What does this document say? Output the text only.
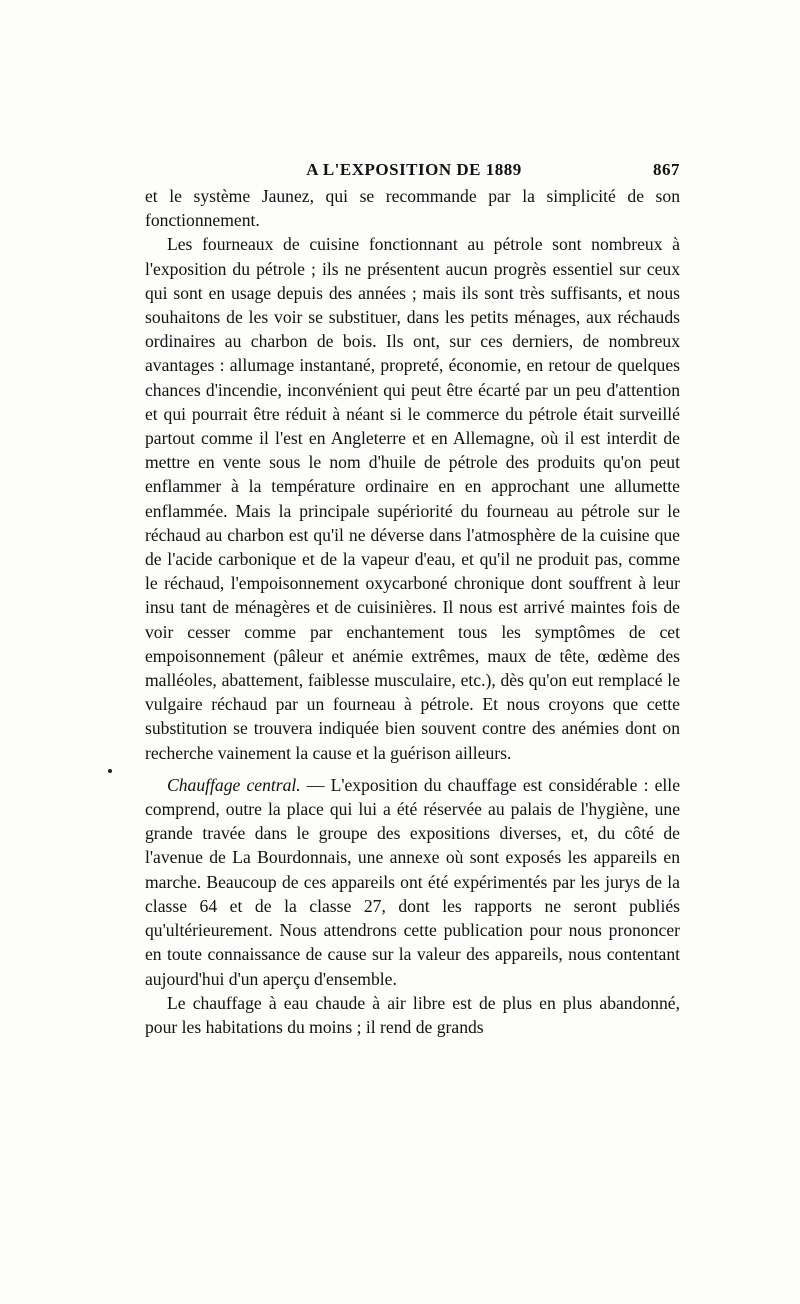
A L'EXPOSITION DE 1889	867

et le système Jaunez, qui se recommande par la simplicité de son fonctionnement.

Les fourneaux de cuisine fonctionnant au pétrole sont nombreux à l'exposition du pétrole ; ils ne présentent aucun progrès essentiel sur ceux qui sont en usage depuis des années ; mais ils sont très suffisants, et nous souhaitons de les voir se substituer, dans les petits ménages, aux réchauds ordinaires au charbon de bois. Ils ont, sur ces derniers, de nombreux avantages : allumage instantané, propreté, économie, en retour de quelques chances d'incendie, inconvénient qui peut être écarté par un peu d'attention et qui pourrait être réduit à néant si le commerce du pétrole était surveillé partout comme il l'est en Angleterre et en Allemagne, où il est interdit de mettre en vente sous le nom d'huile de pétrole des produits qu'on peut enflammer à la température ordinaire en en approchant une allumette enflammée. Mais la principale supériorité du fourneau au pétrole sur le réchaud au charbon est qu'il ne déverse dans l'atmosphère de la cuisine que de l'acide carbonique et de la vapeur d'eau, et qu'il ne produit pas, comme le réchaud, l'empoisonnement oxycarboné chronique dont souffrent à leur insu tant de ménagères et de cuisinières. Il nous est arrivé maintes fois de voir cesser comme par enchantement tous les symptômes de cet empoisonnement (pâleur et anémie extrêmes, maux de tête, œdème des malléoles, abattement, faiblesse musculaire, etc.), dès qu'on eut remplacé le vulgaire réchaud par un fourneau à pétrole. Et nous croyons que cette substitution se trouvera indiquée bien souvent contre des anémies dont on recherche vainement la cause et la guérison ailleurs.

Chauffage central. — L'exposition du chauffage est considérable : elle comprend, outre la place qui lui a été réservée au palais de l'hygiène, une grande travée dans le groupe des expositions diverses, et, du côté de l'avenue de La Bourdonnais, une annexe où sont exposés les appareils en marche. Beaucoup de ces appareils ont été expérimentés par les jurys de la classe 64 et de la classe 27, dont les rapports ne seront publiés qu'ultérieurement. Nous attendrons cette publication pour nous prononcer en toute connaissance de cause sur la valeur des appareils, nous contentant aujourd'hui d'un aperçu d'ensemble.

Le chauffage à eau chaude à air libre est de plus en plus abandonné, pour les habitations du moins ; il rend de grands
